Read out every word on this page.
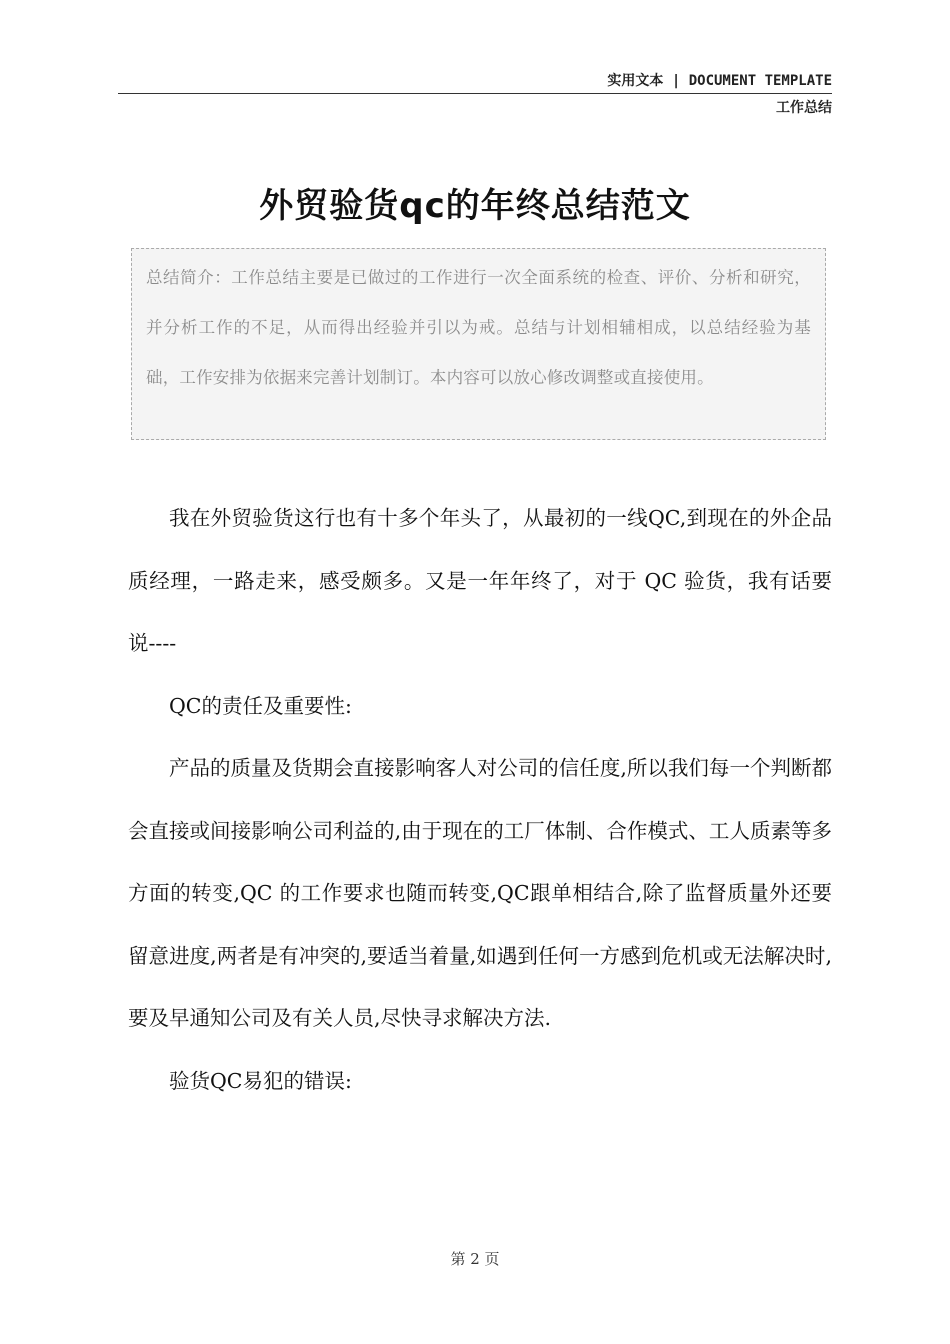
实用文本 | DOCUMENT TEMPLATE
工作总结
外贸验货qc的年终总结范文
总结简介：工作总结主要是已做过的工作进行一次全面系统的检查、评价、分析和研究，并分析工作的不足，从而得出经验并引以为戒。总结与计划相辅相成，以总结经验为基础，工作安排为依据来完善计划制订。本内容可以放心修改调整或直接使用。

我在外贸验货这行也有十多个年头了，从最初的一线QC,到现在的外企品质经理，一路走来，感受颇多。又是一年年终了，对于 QC 验货，我有话要说----

QC的责任及重要性:

产品的质量及货期会直接影响客人对公司的信任度,所以我们每一个判断都会直接或间接影响公司利益的,由于现在的工厂体制、合作模式、工人质素等多方面的转变,QC 的工作要求也随而转变,QC跟单相结合,除了监督质量外还要留意进度,两者是有冲突的,要适当着量,如遇到任何一方感到危机或无法解决时,要及早通知公司及有关人员,尽快寻求解决方法.

验货QC易犯的错误:

第 2 页
